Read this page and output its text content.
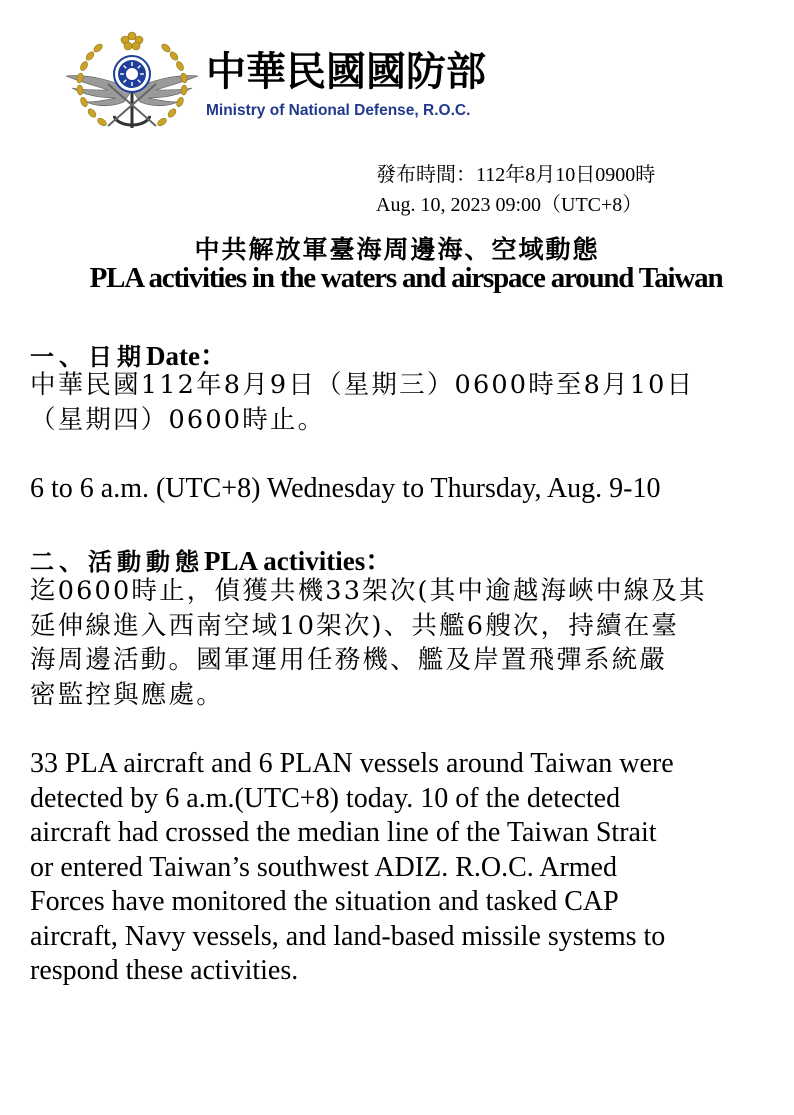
中華民國國防部
Ministry of National Defense, R.O.C.
發布時間：112年8月10日0900時
Aug. 10, 2023 09:00（UTC+8）
中共解放軍臺海周邊海、空域動態
PLA activities in the waters and airspace around Taiwan
一、日期Date：
中華民國112年8月9日（星期三）0600時至8月10日
（星期四）0600時止。
6 to 6 a.m. (UTC+8) Wednesday to Thursday, Aug. 9-10
二、活動動態PLA activities：
迄0600時止，偵獲共機33架次(其中逾越海峽中線及其
延伸線進入西南空域10架次)、共艦6艘次，持續在臺
海周邊活動。國軍運用任務機、艦及岸置飛彈系統嚴
密監控與應處。
33 PLA aircraft and 6 PLAN vessels around Taiwan were
detected by 6 a.m.(UTC+8) today. 10 of the detected
aircraft had crossed the median line of the Taiwan Strait
or entered Taiwan’s southwest ADIZ. R.O.C. Armed
Forces have monitored the situation and tasked CAP
aircraft, Navy vessels, and land-based missile systems to
respond these activities.
